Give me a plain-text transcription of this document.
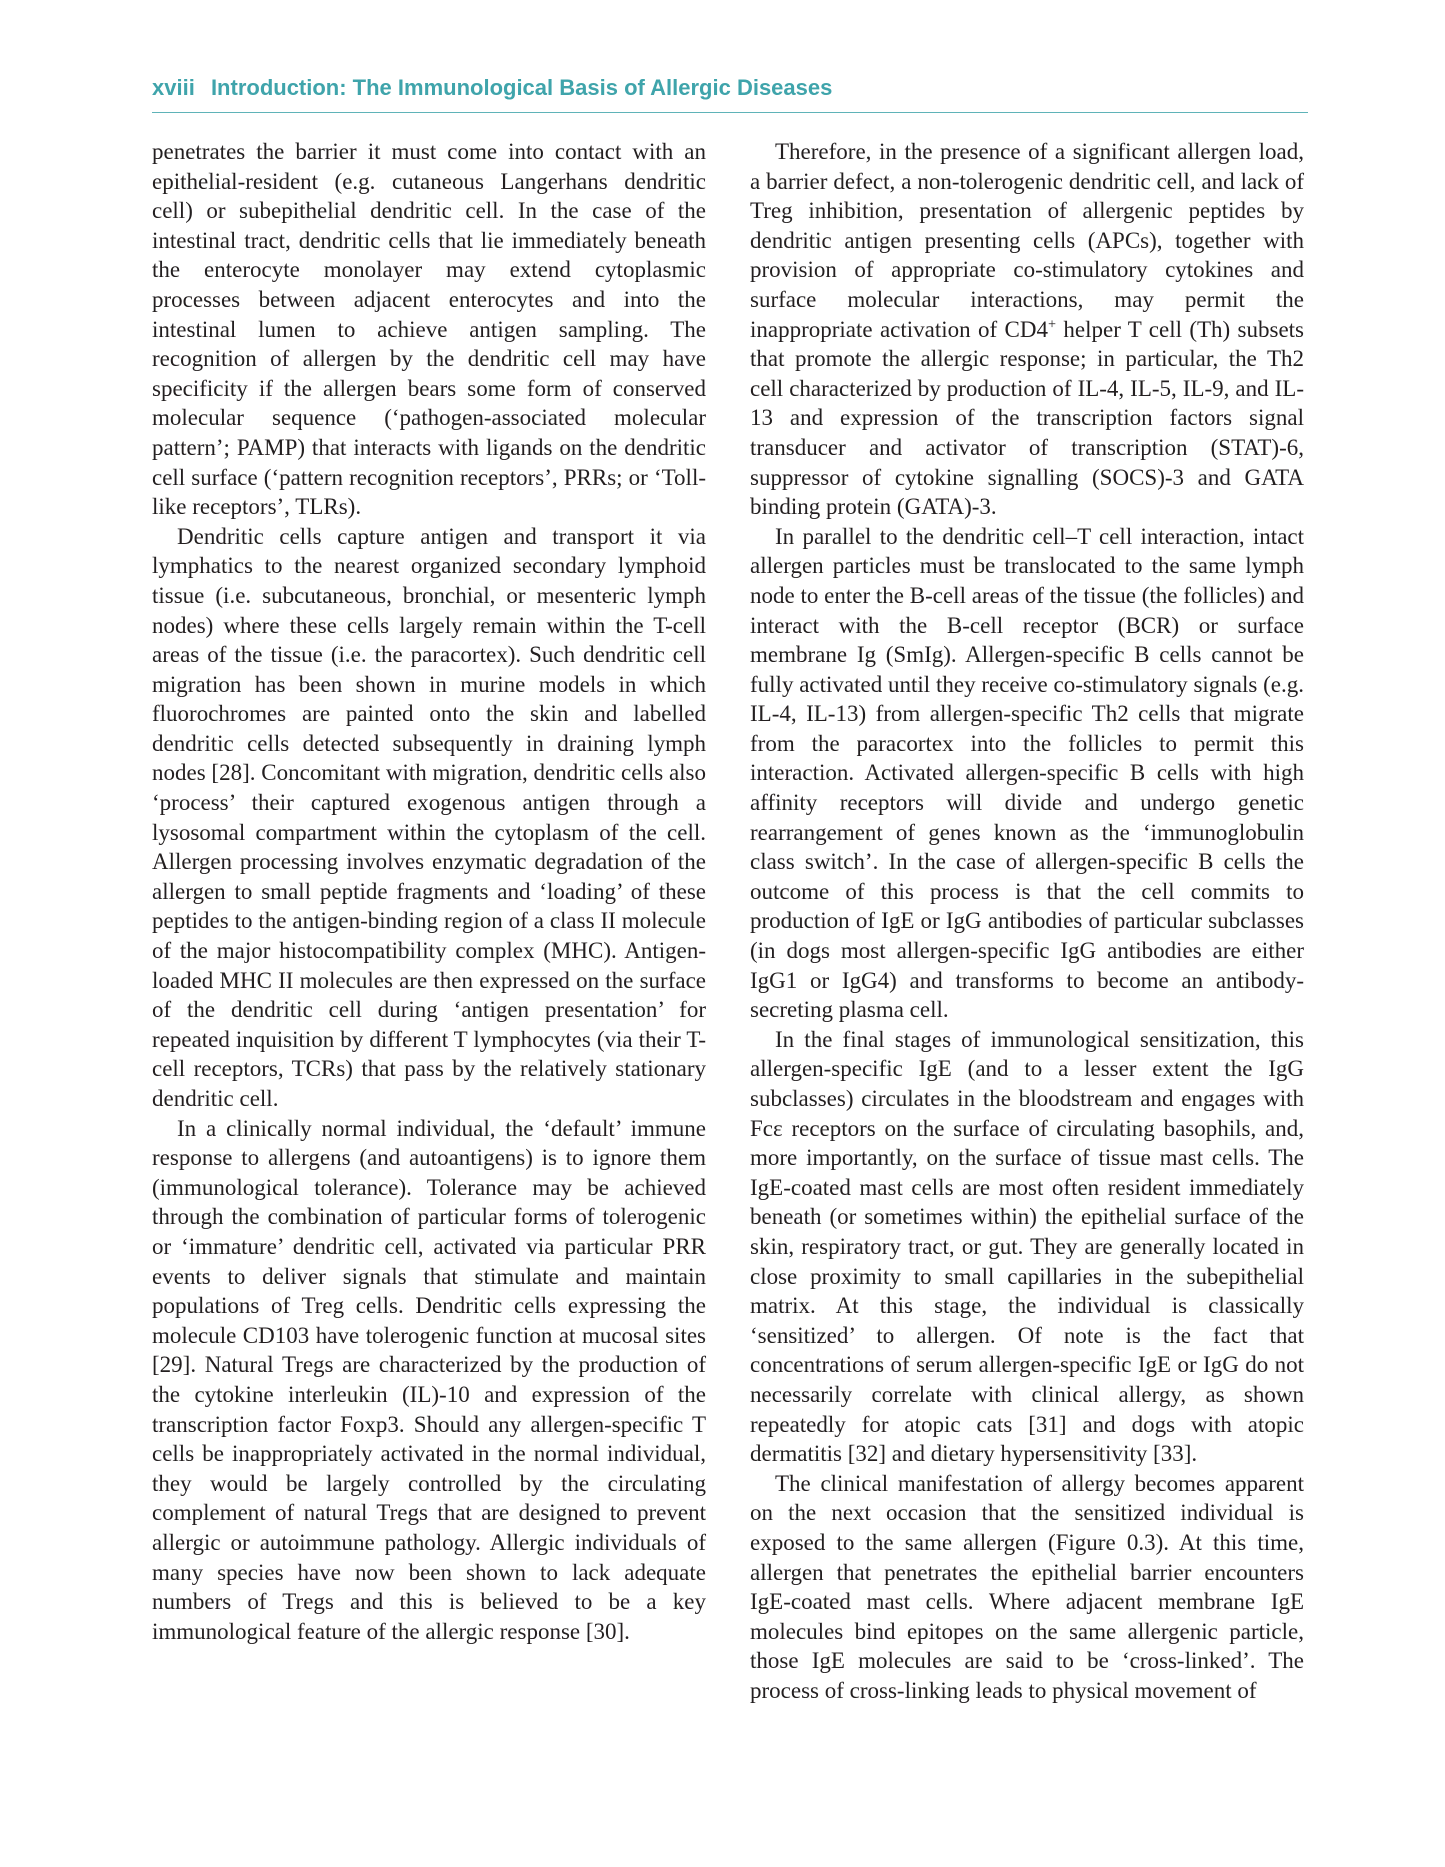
xviii Introduction: The Immunological Basis of Allergic Diseases

penetrates the barrier it must come into contact with an epithelial-resident (e.g. cutaneous Langerhans dendritic cell) or subepithelial dendritic cell. In the case of the intestinal tract, dendritic cells that lie immediately beneath the enterocyte monolayer may extend cytoplasmic processes between adjacent enterocytes and into the intestinal lumen to achieve antigen sampling. The recognition of allergen by the dendritic cell may have specificity if the allergen bears some form of conserved molecular sequence (‘pathogen-associated molecular pattern’; PAMP) that interacts with ligands on the dendritic cell surface (‘pattern recognition receptors’, PRRs; or ‘Toll-like receptors’, TLRs).

Dendritic cells capture antigen and transport it via lymphatics to the nearest organized secondary lymphoid tissue (i.e. subcutaneous, bronchial, or mesenteric lymph nodes) where these cells largely remain within the T-cell areas of the tissue (i.e. the paracortex). Such dendritic cell migration has been shown in murine models in which fluorochromes are painted onto the skin and labelled dendritic cells detected subsequently in draining lymph nodes [28]. Concomitant with migration, dendritic cells also ‘process’ their captured exogenous antigen through a lysosomal compartment within the cytoplasm of the cell. Allergen processing involves enzymatic degradation of the allergen to small peptide fragments and ‘loading’ of these peptides to the antigen-binding region of a class II molecule of the major histocompatibility complex (MHC). Antigen-loaded MHC II molecules are then expressed on the surface of the dendritic cell during ‘antigen presentation’ for repeated inquisition by different T lymphocytes (via their T-cell receptors, TCRs) that pass by the relatively stationary dendritic cell.

In a clinically normal individual, the ‘default’ immune response to allergens (and autoantigens) is to ignore them (immunological tolerance). Tolerance may be achieved through the combination of particular forms of tolerogenic or ‘immature’ dendritic cell, activated via particular PRR events to deliver signals that stimulate and maintain populations of Treg cells. Dendritic cells expressing the molecule CD103 have tolerogenic function at mucosal sites [29]. Natural Tregs are characterized by the production of the cytokine interleukin (IL)-10 and expression of the transcription factor Foxp3. Should any allergen-specific T cells be inappropriately activated in the normal individual, they would be largely controlled by the circulating complement of natural Tregs that are designed to prevent allergic or autoimmune pathology. Allergic individuals of many species have now been shown to lack adequate numbers of Tregs and this is believed to be a key immunological feature of the allergic response [30].

Therefore, in the presence of a significant allergen load, a barrier defect, a non-tolerogenic dendritic cell, and lack of Treg inhibition, presentation of allergenic peptides by dendritic antigen presenting cells (APCs), together with provision of appropriate co-stimulatory cytokines and surface molecular interactions, may permit the inappropriate activation of CD4+ helper T cell (Th) subsets that promote the allergic response; in particular, the Th2 cell characterized by production of IL-4, IL-5, IL-9, and IL-13 and expression of the transcription factors signal transducer and activator of transcription (STAT)-6, suppressor of cytokine signalling (SOCS)-3 and GATA binding protein (GATA)-3.

In parallel to the dendritic cell–T cell interaction, intact allergen particles must be translocated to the same lymph node to enter the B-cell areas of the tissue (the follicles) and interact with the B-cell receptor (BCR) or surface membrane Ig (SmIg). Allergen-specific B cells cannot be fully activated until they receive co-stimulatory signals (e.g. IL-4, IL-13) from allergen-specific Th2 cells that migrate from the paracortex into the follicles to permit this interaction. Activated allergen-specific B cells with high affinity receptors will divide and undergo genetic rearrangement of genes known as the ‘immunoglobulin class switch’. In the case of allergen-specific B cells the outcome of this process is that the cell commits to production of IgE or IgG antibodies of particular subclasses (in dogs most allergen-specific IgG antibodies are either IgG1 or IgG4) and transforms to become an antibody-secreting plasma cell.

In the final stages of immunological sensitization, this allergen-specific IgE (and to a lesser extent the IgG subclasses) circulates in the bloodstream and engages with Fcε receptors on the surface of circulating basophils, and, more importantly, on the surface of tissue mast cells. The IgE-coated mast cells are most often resident immediately beneath (or sometimes within) the epithelial surface of the skin, respiratory tract, or gut. They are generally located in close proximity to small capillaries in the subepithelial matrix. At this stage, the individual is classically ‘sensitized’ to allergen. Of note is the fact that concentrations of serum allergen-specific IgE or IgG do not necessarily correlate with clinical allergy, as shown repeatedly for atopic cats [31] and dogs with atopic dermatitis [32] and dietary hypersensitivity [33].

The clinical manifestation of allergy becomes apparent on the next occasion that the sensitized individual is exposed to the same allergen (Figure 0.3). At this time, allergen that penetrates the epithelial barrier encounters IgE-coated mast cells. Where adjacent membrane IgE molecules bind epitopes on the same allergenic particle, those IgE molecules are said to be ‘cross-linked’. The process of cross-linking leads to physical movement of
